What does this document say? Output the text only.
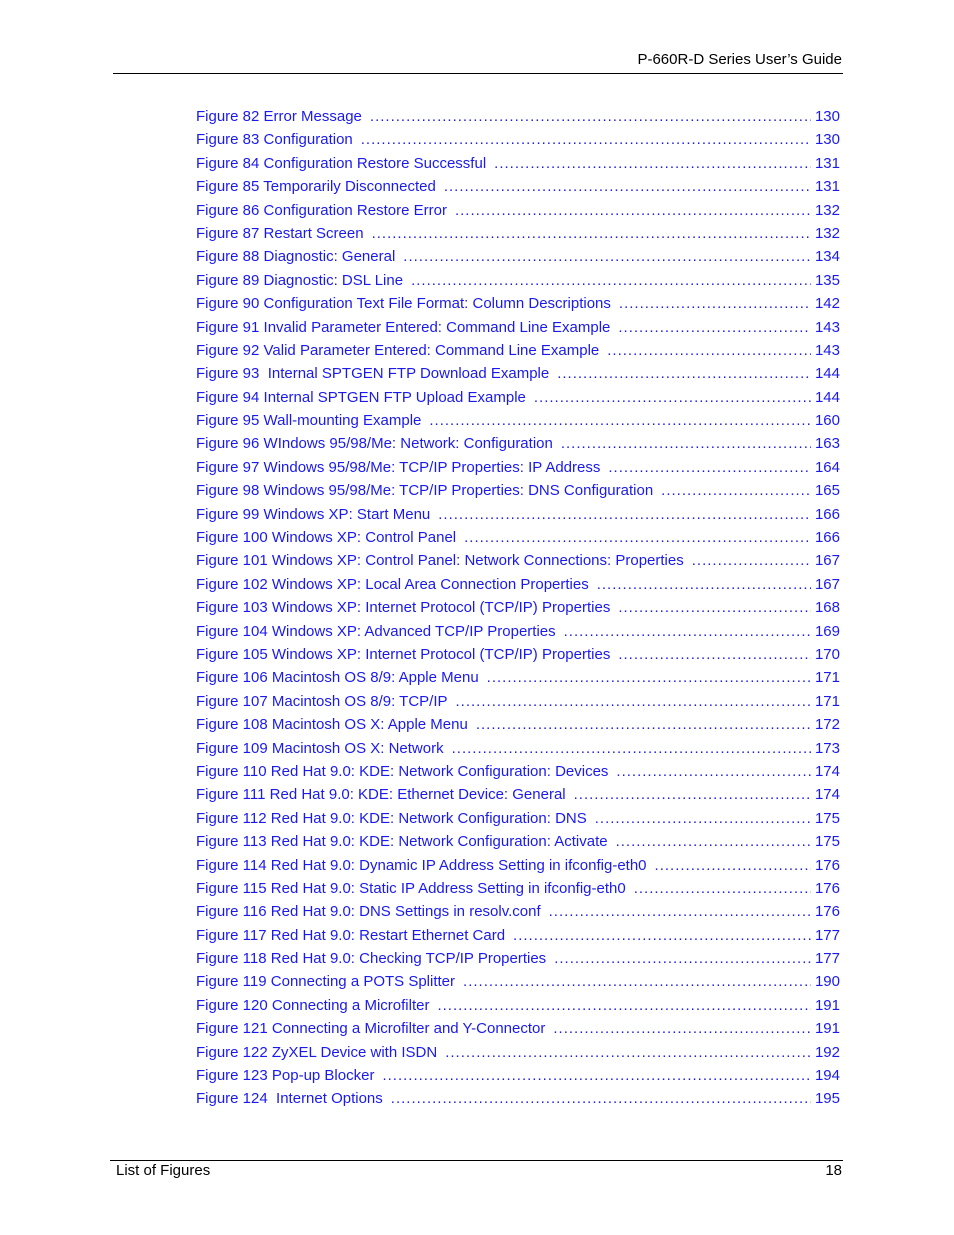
P-660R-D Series User’s Guide
Figure 82 Error Message .....	130
Figure 83 Configuration .....	130
Figure 84 Configuration Restore Successful .....	131
Figure 85 Temporarily Disconnected .....	131
Figure 86 Configuration Restore Error .....	132
Figure 87 Restart Screen .....	132
Figure 88 Diagnostic: General .....	134
Figure 89 Diagnostic: DSL Line .....	135
Figure 90 Configuration Text File Format: Column Descriptions .....	142
Figure 91 Invalid Parameter Entered: Command Line Example .....	143
Figure 92 Valid Parameter Entered: Command Line Example .....	143
Figure 93  Internal SPTGEN FTP Download Example .....	144
Figure 94 Internal SPTGEN FTP Upload Example .....	144
Figure 95 Wall-mounting Example .....	160
Figure 96 WIndows 95/98/Me: Network: Configuration .....	163
Figure 97 Windows 95/98/Me: TCP/IP Properties: IP Address .....	164
Figure 98 Windows 95/98/Me: TCP/IP Properties: DNS Configuration .....	165
Figure 99 Windows XP: Start Menu .....	166
Figure 100 Windows XP: Control Panel .....	166
Figure 101 Windows XP: Control Panel: Network Connections: Properties .....	167
Figure 102 Windows XP: Local Area Connection Properties .....	167
Figure 103 Windows XP: Internet Protocol (TCP/IP) Properties .....	168
Figure 104 Windows XP: Advanced TCP/IP Properties .....	169
Figure 105 Windows XP: Internet Protocol (TCP/IP) Properties .....	170
Figure 106 Macintosh OS 8/9: Apple Menu .....	171
Figure 107 Macintosh OS 8/9: TCP/IP .....	171
Figure 108 Macintosh OS X: Apple Menu .....	172
Figure 109 Macintosh OS X: Network .....	173
Figure 110 Red Hat 9.0: KDE: Network Configuration: Devices .....	174
Figure 111 Red Hat 9.0: KDE: Ethernet Device: General .....	174
Figure 112 Red Hat 9.0: KDE: Network Configuration: DNS .....	175
Figure 113 Red Hat 9.0: KDE: Network Configuration: Activate .....	175
Figure 114 Red Hat 9.0: Dynamic IP Address Setting in ifconfig-eth0 .....	176
Figure 115 Red Hat 9.0: Static IP Address Setting in ifconfig-eth0 .....	176
Figure 116 Red Hat 9.0: DNS Settings in resolv.conf .....	176
Figure 117 Red Hat 9.0: Restart Ethernet Card .....	177
Figure 118 Red Hat 9.0: Checking TCP/IP Properties .....	177
Figure 119 Connecting a POTS Splitter .....	190
Figure 120 Connecting a Microfilter .....	191
Figure 121 Connecting a Microfilter and Y-Connector .....	191
Figure 122 ZyXEL Device with ISDN .....	192
Figure 123 Pop-up Blocker .....	194
Figure 124  Internet Options .....	195
List of Figures	18
